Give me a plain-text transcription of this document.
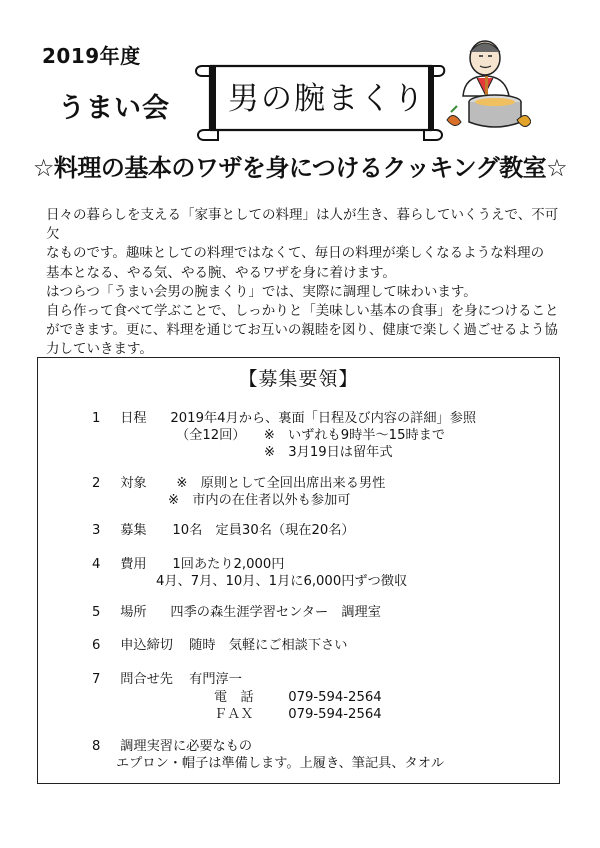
2019年度
うまい会 男の腕まくり
☆料理の基本のワザを身につけるクッキング教室☆

日々の暮らしを支える「家事としての料理」は人が生き、暮らしていくうえで、不可欠

なものです。趣味としての料理ではなくて、毎日の料理が楽しくなるような料理の

基本となる、やる気、やる腕、やるワザを身に着けます。

はつらつ「うまい会男の腕まくり」では、実際に調理して味わいます。

自ら作って食べて学ぶことで、しっかりと「美味しい基本の食事」を身につけること

ができます。更に、料理を通じてお互いの親睦を図り、健康で楽しく過ごせるよう協

力していきます。

【募集要領】
1 日程 2019年4月から、裏面「日程及び内容の詳細」参照
（全12回） ※　いずれも9時半～15時まで
※　3月19日は留年式
2 対象 ※　原則として全回出席出来る男性
※　市内の在住者以外も参加可
3 募集 10名　定員30名（現在20名）
4 費用 1回あたり2,000円
4月、7月、10月、1月に6,000円ずつ徴収
5 場所 四季の森生涯学習センター　調理室
6 申込締切 随時　気軽にご相談下さい
7 問合せ先 有門淳一
電　話	079-594-2564
ＦＡＸ	079-594-2564
8 調理実習に必要なもの
エプロン・帽子は準備します。上履き、筆記具、タオル
